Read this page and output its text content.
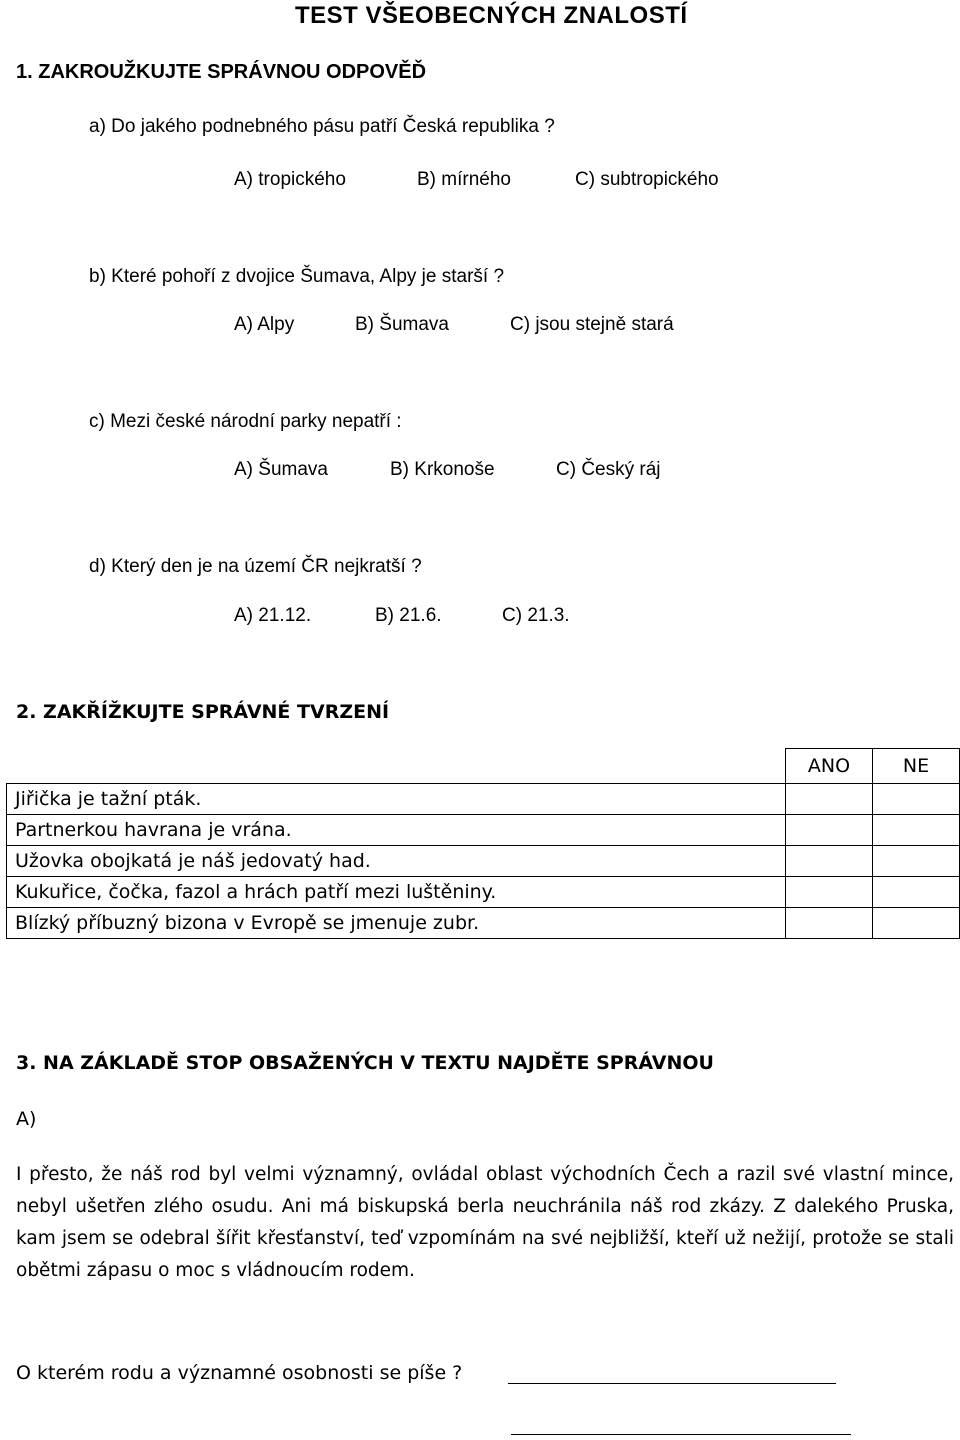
TEST VŠEOBECNÝCH ZNALOSTÍ
1. ZAKROUŽKUJTE SPRÁVNOU ODPOVĚĎ
a) Do jakého podnebného pásu patří Česká republika ?
A) tropického	B) mírného	C) subtropického
b) Které pohoří z dvojice Šumava, Alpy je starší ?
A) Alpy	B) Šumava	C) jsou stejně stará
c) Mezi české národní parky nepatří :
A) Šumava	B) Krkonoše	C) Český ráj
d) Který den je na území ČR nejkratší ?
A) 21.12.	B) 21.6.	C) 21.3.
2. ZAKŘÍŽKUJTE SPRÁVNÉ TVRZENÍ
	ANO	NE
Jiřička je tažní pták.		
Partnerkou havrana je vrána.		
Užovka obojkatá je náš jedovatý had.		
Kukuřice, čočka, fazol a hrách patří mezi luštěniny.		
Blízký příbuzný bizona v Evropě se jmenuje zubr.		
3. NA ZÁKLADĚ STOP OBSAŽENÝCH V TEXTU NAJDĚTE SPRÁVNOU
A)
I přesto, že náš rod byl velmi významný, ovládal oblast východních Čech a razil své vlastní mince, nebyl ušetřen zlého osudu. Ani má biskupská berla neuchránila náš rod zkázy. Z dalekého Pruska, kam jsem se odebral šířit křesťanství, teď vzpomínám na své nejbližší, kteří už nežijí, protože se stali obětmi zápasu o moc s vládnoucím rodem.
O kterém rodu a významné osobnosti se píše ?
